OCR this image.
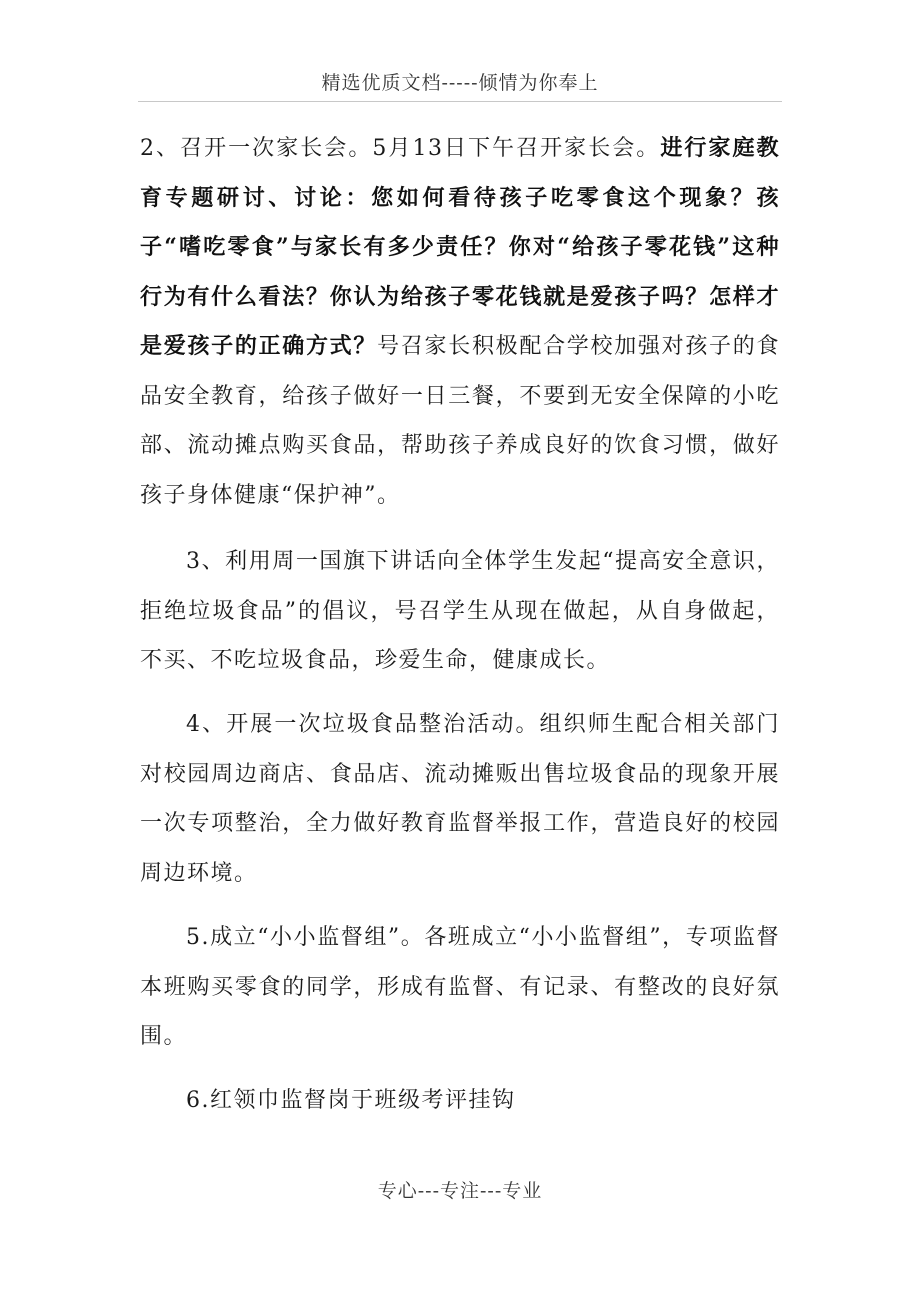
精选优质文档-----倾情为你奉上

2、召开一次家长会。5月13日下午召开家长会。进行家庭教育专题研讨、讨论：您如何看待孩子吃零食这个现象？孩子“嗜吃零食”与家长有多少责任？你对“给孩子零花钱”这种行为有什么看法？你认为给孩子零花钱就是爱孩子吗？怎样才是爱孩子的正确方式？号召家长积极配合学校加强对孩子的食品安全教育，给孩子做好一日三餐，不要到无安全保障的小吃部、流动摊点购买食品，帮助孩子养成良好的饮食习惯，做好孩子身体健康“保护神”。

3、利用周一国旗下讲话向全体学生发起“提高安全意识，拒绝垃圾食品”的倡议，号召学生从现在做起，从自身做起，不买、不吃垃圾食品，珍爱生命，健康成长。

4、开展一次垃圾食品整治活动。组织师生配合相关部门对校园周边商店、食品店、流动摊贩出售垃圾食品的现象开展一次专项整治，全力做好教育监督举报工作，营造良好的校园周边环境。

5.成立“小小监督组”。各班成立“小小监督组”，专项监督本班购买零食的同学，形成有监督、有记录、有整改的良好氛围。

6.红领巾监督岗于班级考评挂钩

专心---专注---专业
